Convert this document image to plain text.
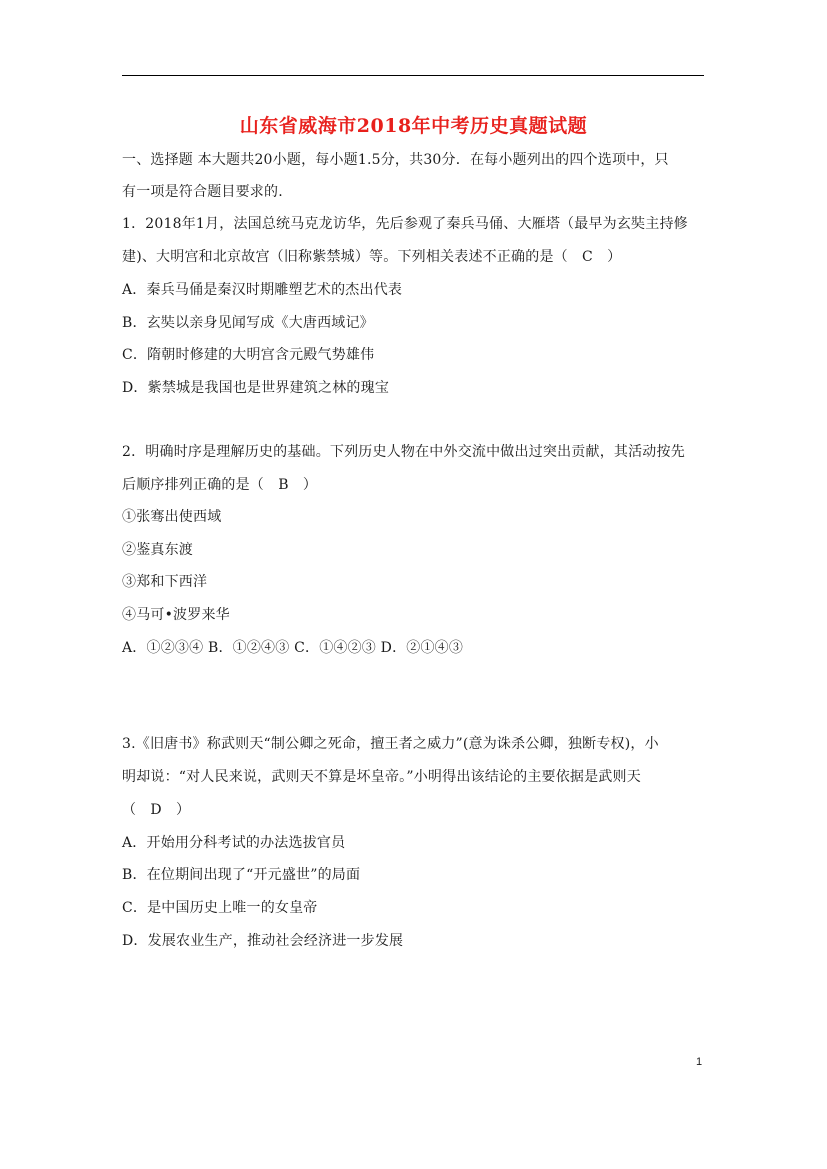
山东省威海市2018年中考历史真题试题
一、选择题 本大题共20小题，每小题1.5分，共30分．在每小题列出的四个选项中，只
有一项是符合题目要求的.
1．2018年1月，法国总统马克龙访华，先后参观了秦兵马俑、大雁塔（最早为玄奘主持修
建)、大明宫和北京故宫（旧称紫禁城）等。下列相关表述不正确的是（　C　）
A．秦兵马俑是秦汉时期雕塑艺术的杰出代表
B．玄奘以亲身见闻写成《大唐西域记》
C．隋朝时修建的大明宫含元殿气势雄伟
D．紫禁城是我国也是世界建筑之林的瑰宝
2．明确时序是理解历史的基础。下列历史人物在中外交流中做出过突出贡献，其活动按先
后顺序排列正确的是（　B　）
①张骞出使西域
②鉴真东渡
③郑和下西洋
④马可•波罗来华
A．①②③④ B．①②④③ C．①④②③ D．②①④③
3.《旧唐书》称武则天“制公卿之死命，擅王者之威力”(意为诛杀公卿，独断专权)，小
明却说：“对人民来说，武则天不算是坏皇帝。”小明得出该结论的主要依据是武则天
（　D　）
A．开始用分科考试的办法选拔官员
B．在位期间出现了“开元盛世”的局面
C．是中国历史上唯一的女皇帝
D．发展农业生产，推动社会经济进一步发展
1
